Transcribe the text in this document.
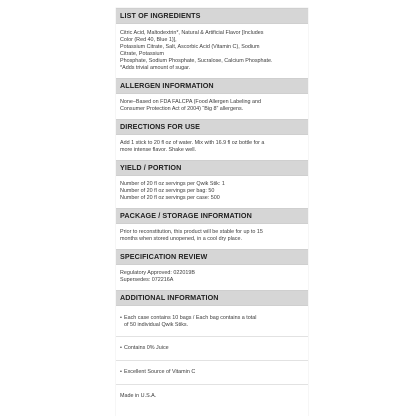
LIST OF INGREDIENTS

Citric Acid, Maltodextrin*, Natural & Artificial Flavor [Includes

Color (Red 40, Blue 1)],

Potassium Citrate, Salt, Ascorbic Acid (Vitamin C), Sodium

Citrate, Potassium

Phosphate, Sodium Phosphate, Sucralose, Calcium Phosphate.

*Adds trivial amount of sugar.

ALLERGEN INFORMATION

None–Based on FDA FALCPA (Food Allergen Labeling and

Consumer Protection Act of 2004) “Big 8” allergens.

DIRECTIONS FOR USE

Add 1 stick to 20 fl oz of water. Mix with 16.9 fl oz bottle for a

more intense flavor. Shake well.

YIELD / PORTION

Number of 20 fl oz servings per Qwik Stik: 1

Number of 20 fl oz servings per bag: 50

Number of 20 fl oz servings per case: 500

PACKAGE / STORAGE INFORMATION

Prior to reconstitution, this product will be stable for up to 15

months when stored unopened, in a cool dry place.

SPECIFICATION REVIEW

Regulatory Approved: 022019B

Supersedes: 072216A

ADDITIONAL INFORMATION
• Each case contains 10 bags / Each bag contains a total
of 50 individual Qwik Stiks.
• Contains 0% Juice
• Excellent Source of Vitamin C
Made in U.S.A.
